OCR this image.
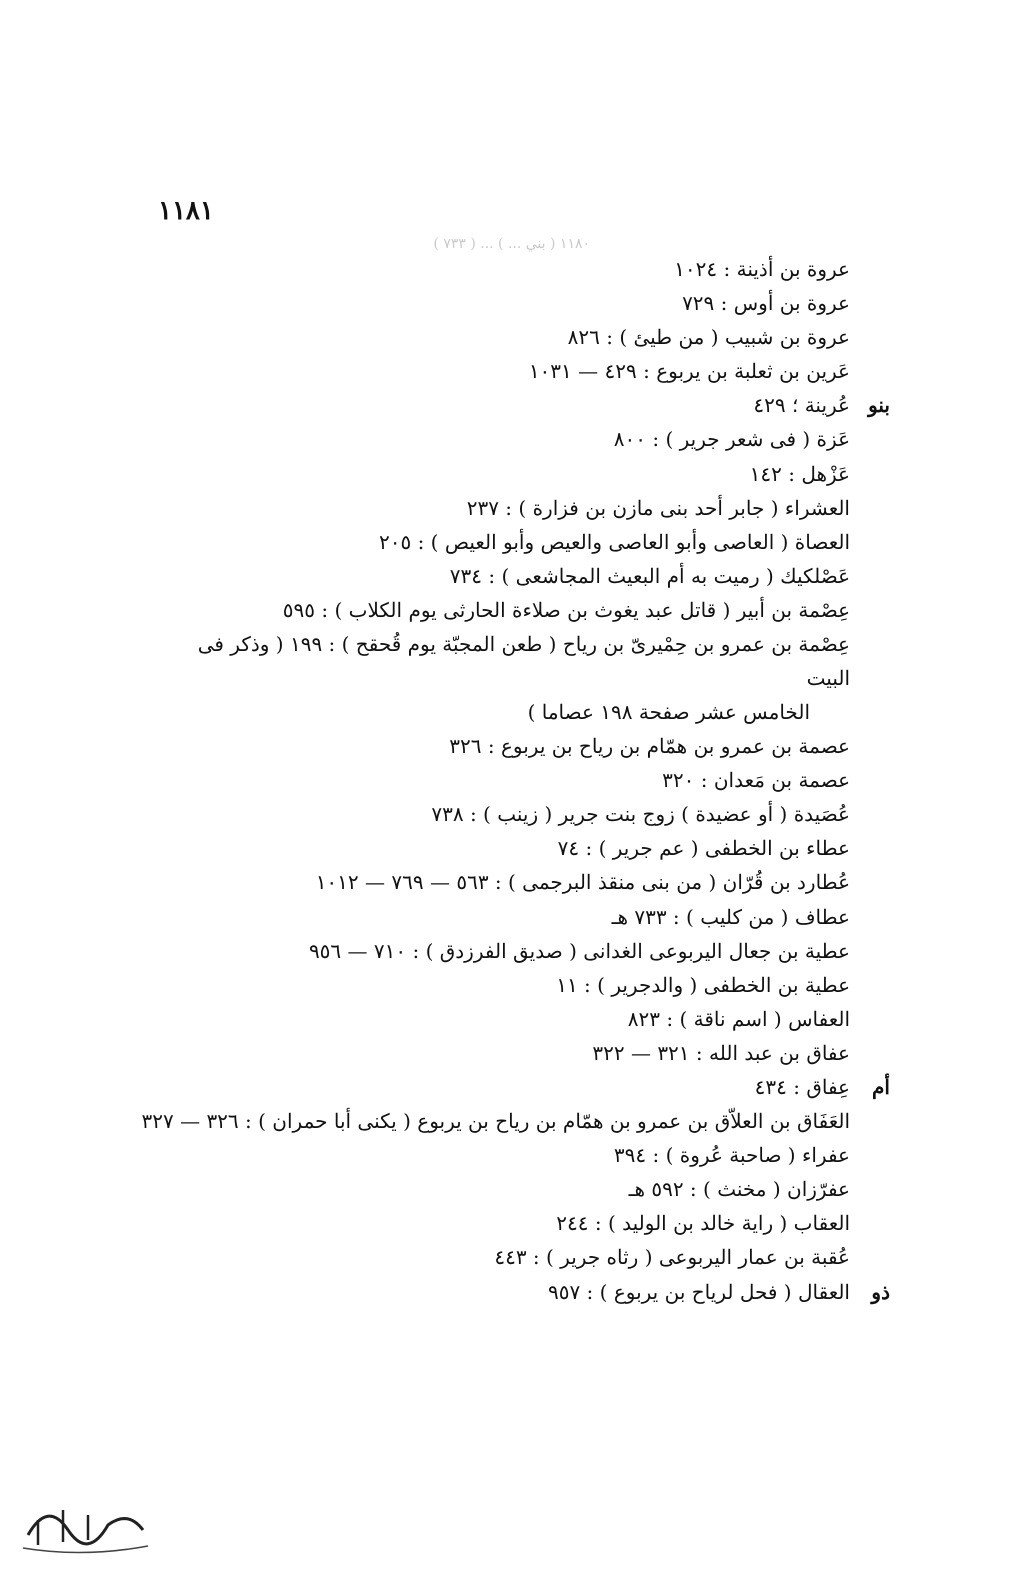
١١٨١
١١٨٠ ( بني ... ) ... ( ٧٣٣ )
عروة بن أذينة : ١٠٢٤
عروة بن أوس : ٧٢٩
عروة بن شبيب ( من طيئ ) : ٨٢٦
عَرين بن ثعلبة بن يربوع : ٤٢٩ — ١٠٣١
بنو
عُرينة ؛ ٤٢٩
عَزة ( فى شعر جرير ) : ٨٠٠
عَزْهل : ١٤٢
العشراء ( جابر أحد بنى مازن بن فزارة ) : ٢٣٧
العصاة ( العاصى وأبو العاصى والعيص وأبو العيص ) : ٢٠٥
عَصْلكيك ( رميت به أم البعيث المجاشعى ) : ٧٣٤
عِصْمة بن أبير ( قاتل عبد يغوث بن صلاءة الحارثى يوم الكلاب ) : ٥٩٥
عِصْمة بن عمرو بن حِمْيرىّ بن رياح ( طعن المجبّة يوم قُحقح ) : ١٩٩ ( وذكر فى البيت
الخامس عشر صفحة ١٩٨ عصاما )
عصمة بن عمرو بن همّام بن رياح بن يربوع : ٣٢٦
عصمة بن مَعدان : ٣٢٠
عُصَيدة ( أو عضيدة ) زوج بنت جرير ( زينب ) : ٧٣٨
عطاء بن الخطفى ( عم جرير ) : ٧٤
عُطارد بن قُرّان ( من بنى منقذ البرجمى ) : ٥٦٣ — ٧٦٩ — ١٠١٢
عطاف ( من كليب ) : ٧٣٣ هـ
عطية بن جعال اليربوعى الغدانى ( صديق الفرزدق ) : ٧١٠ — ٩٥٦
عطية بن الخطفى ( والدجرير ) : ١١
العفاس ( اسم ناقة ) : ٨٢٣
عفاق بن عبد الله : ٣٢١ — ٣٢٢
أم
عِفاق : ٤٣٤
العَفَاق بن العلاّق بن عمرو بن همّام بن رياح بن يربوع ( يكنى أبا حمران ) : ٣٢٦ — ٣٢٧
عفراء ( صاحبة عُروة ) : ٣٩٤
عفرّزان ( مخنث ) : ٥٩٢ هـ
العقاب ( راية خالد بن الوليد ) : ٢٤٤
عُقبة بن عمار اليربوعى ( رثاه جرير ) : ٤٤٣
ذو
العقال ( فحل لرياح بن يربوع ) : ٩٥٧
